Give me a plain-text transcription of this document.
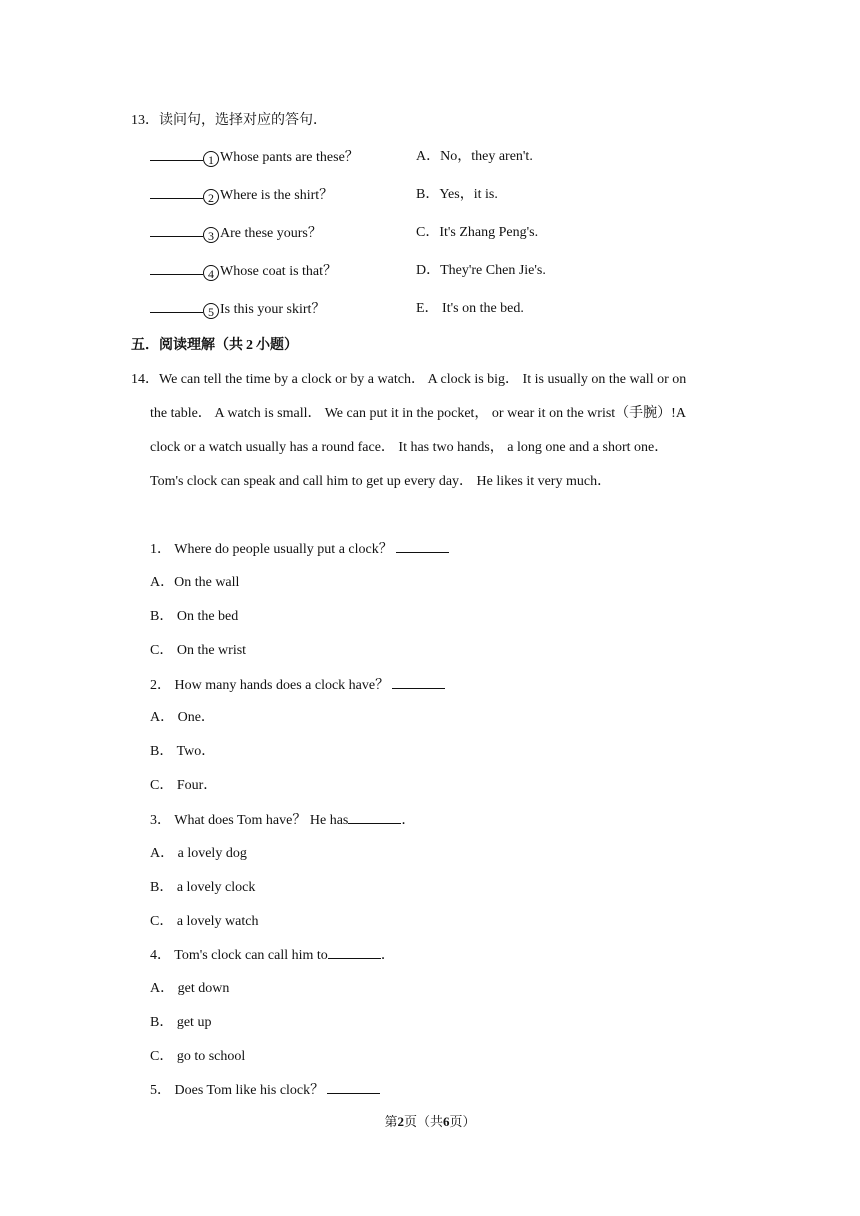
13．读问句，选择对应的答句．
1 Whose pants are these？	A．No，they aren't.
2 Where is the shirt？	B．Yes，it is.
3 Are these yours？	C．It's Zhang Peng's.
4 Whose coat is that？	D．They're Chen Jie's.
5 Is this your skirt？	E． It's on the bed.
五．阅读理解（共 2 小题）
14．We can tell the time by a clock or by a watch． A clock is big． It is usually on the wall or on
the table． A watch is small． We can put it in the pocket， or wear it on the wrist（手腕）!A
clock or a watch usually has a round face． It has two hands， a long one and a short one．
Tom's clock can speak and call him to get up every day． He likes it very much．
1． Where do people usually put a clock？
A．On the wall
B． On the bed
C． On the wrist
2． How many hands does a clock have？
A． One．
B． Two．
C． Four．
3． What does Tom have？ He has	．
A． a lovely dog
B． a lovely clock
C． a lovely watch
4． Tom's clock can call him to	．
A． get down
B． get up
C． go to school
5． Does Tom like his clock？
第2页（共6页）
